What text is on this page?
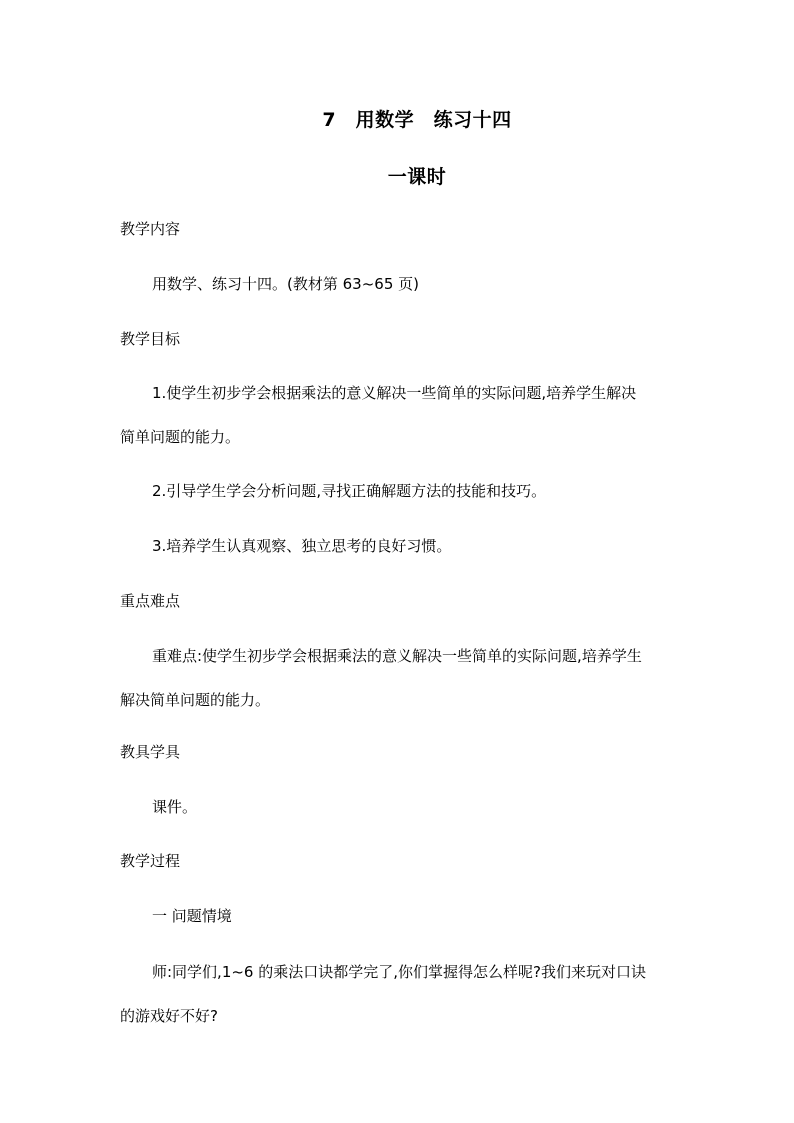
7　用数学　练习十四
一课时
教学内容
用数学、练习十四。(教材第 63~65 页)
教学目标
1.使学生初步学会根据乘法的意义解决一些简单的实际问题,培养学生解决
简单问题的能力。
2.引导学生学会分析问题,寻找正确解题方法的技能和技巧。
3.培养学生认真观察、独立思考的良好习惯。
重点难点
重难点:使学生初步学会根据乘法的意义解决一些简单的实际问题,培养学生
解决简单问题的能力。
教具学具
课件。
教学过程
一 问题情境
师:同学们,1~6 的乘法口诀都学完了,你们掌握得怎么样呢?我们来玩对口诀
的游戏好不好?
